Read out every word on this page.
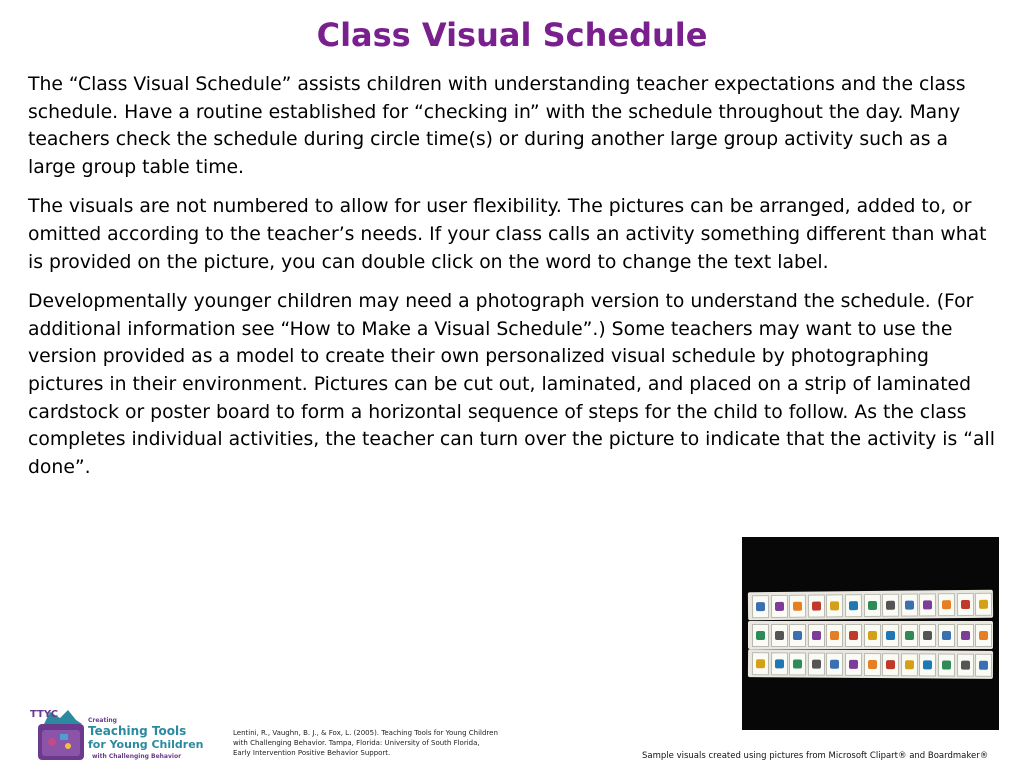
Class Visual Schedule

The “Class Visual Schedule” assists children with understanding teacher expectations and the class schedule. Have a routine established for “checking in” with the schedule throughout the day. Many teachers check the schedule during circle time(s) or during another large group activity such as a large group table time.

The visuals are not numbered to allow for user flexibility. The pictures can be arranged, added to, or omitted according to the teacher’s needs. If your class calls an activity something different than what is provided on the picture, you can double click on the word to change the text label.

Developmentally younger children may need a photograph version to understand the schedule. (For additional information see “How to Make a Visual Schedule”.) Some teachers may want to use the version provided as a model to create their own personalized visual schedule by photographing pictures in their environment. Pictures can be cut out, laminated, and placed on a strip of laminated cardstock or poster board to form a horizontal sequence of steps for the child to follow. As the class completes individual activities, the teacher can turn over the picture to indicate that the activity is “all done”.

TTYC
Creating
Teaching Tools
for Young Children
with Challenging Behavior
Lentini, R., Vaughn, B. J., & Fox, L. (2005). Teaching Tools for Young Children
with Challenging Behavior. Tampa, Florida: University of South Florida,
Early Intervention Positive Behavior Support.	Sample visuals created using pictures from Microsoft Clipart® and Boardmaker®
